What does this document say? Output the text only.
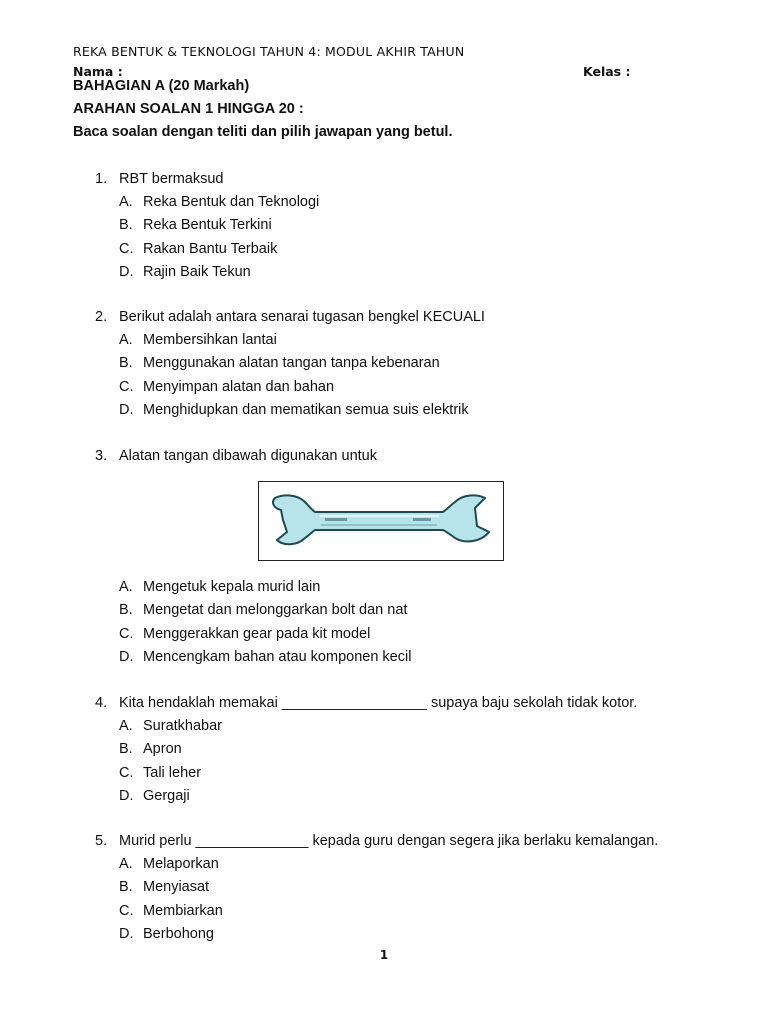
REKA BENTUK & TEKNOLOGI TAHUN 4: MODUL AKHIR TAHUN
Nama :	Kelas :
BAHAGIAN A (20 Markah)
ARAHAN SOALAN 1 HINGGA 20 :
Baca soalan dengan teliti dan pilih jawapan yang betul.
1. RBT bermaksud
A. Reka Bentuk dan Teknologi
B. Reka Bentuk Terkini
C. Rakan Bantu Terbaik
D. Rajin Baik Tekun
2. Berikut adalah antara senarai tugasan bengkel KECUALI
A. Membersihkan lantai
B. Menggunakan alatan tangan tanpa kebenaran
C. Menyimpan alatan dan bahan
D. Menghidupkan dan mematikan semua suis elektrik
3. Alatan tangan dibawah digunakan untuk
A. Mengetuk kepala murid lain
B. Mengetat dan melonggarkan bolt dan nat
C. Menggerakkan gear pada kit model
D. Mencengkam bahan atau komponen kecil
4. Kita hendaklah memakai __________________ supaya baju sekolah tidak kotor.
A. Suratkhabar
B. Apron
C. Tali leher
D. Gergaji
5. Murid perlu ______________ kepada guru dengan segera jika berlaku kemalangan.
A. Melaporkan
B. Menyiasat
C. Membiarkan
D. Berbohong
1
